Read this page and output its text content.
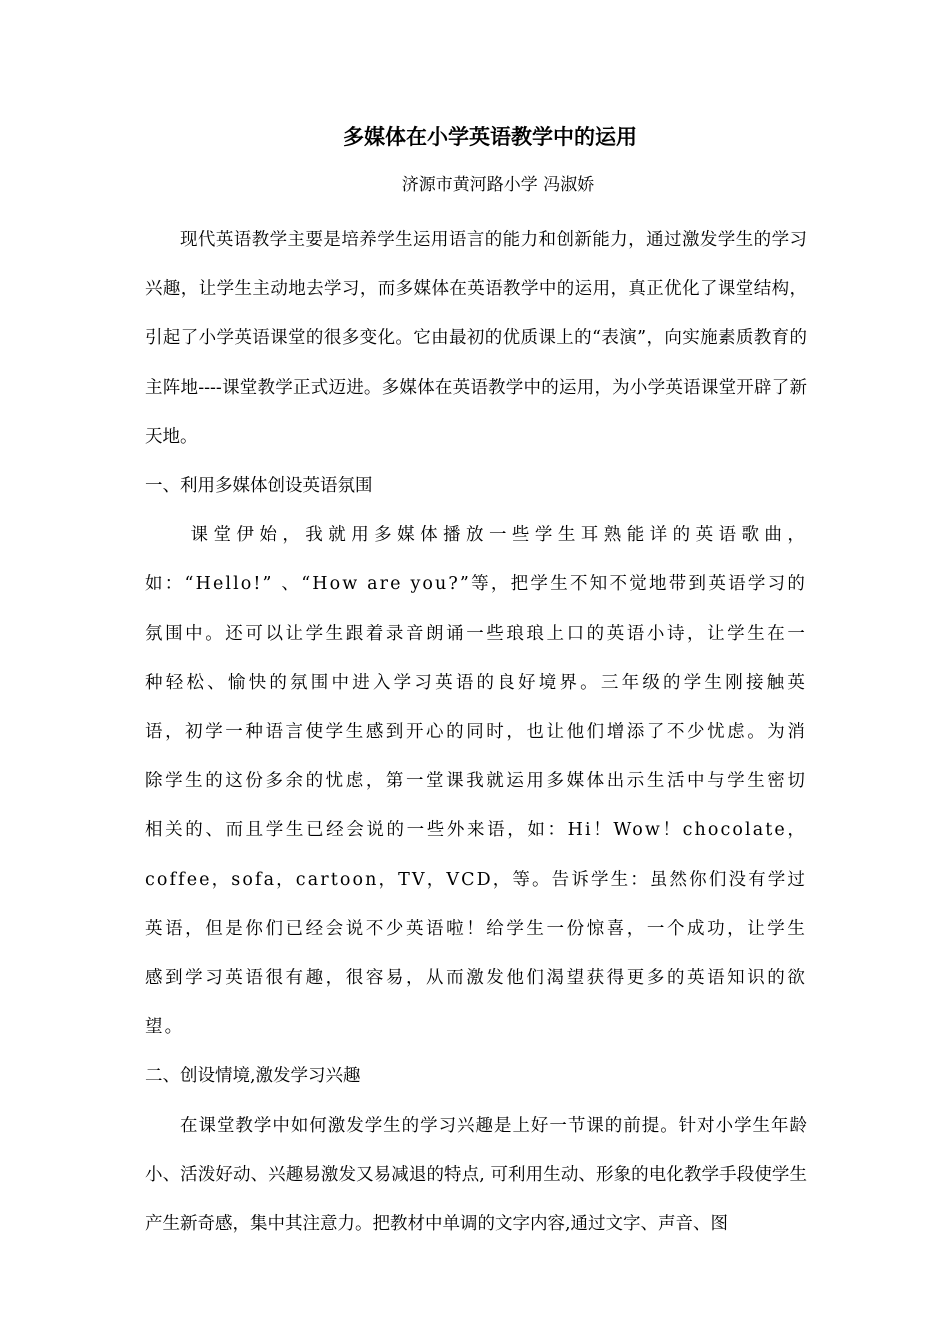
多媒体在小学英语教学中的运用
济源市黄河路小学 冯淑娇

现代英语教学主要是培养学生运用语言的能力和创新能力，通过激发学生的学习兴趣，让学生主动地去学习，而多媒体在英语教学中的运用，真正优化了课堂结构，引起了小学英语课堂的很多变化。它由最初的优质课上的“表演”，向实施素质教育的主阵地----课堂教学正式迈进。多媒体在英语教学中的运用，为小学英语课堂开辟了新天地。

一、利用多媒体创设英语氛围

课堂伊始，我就用多媒体播放一些学生耳熟能详的英语歌曲，如：“Hello!” 、“How are you?”等，把学生不知不觉地带到英语学习的氛围中。还可以让学生跟着录音朗诵一些琅琅上口的英语小诗，让学生在一种轻松、愉快的氛围中进入学习英语的良好境界。三年级的学生刚接触英语，初学一种语言使学生感到开心的同时，也让他们增添了不少忧虑。为消除学生的这份多余的忧虑，第一堂课我就运用多媒体出示生活中与学生密切相关的、而且学生已经会说的一些外来语，如：Hi！Wow！chocolate，coffee，sofa，cartoon，TV，VCD，等。告诉学生：虽然你们没有学过英语，但是你们已经会说不少英语啦！给学生一份惊喜，一个成功，让学生感到学习英语很有趣，很容易，从而激发他们渴望获得更多的英语知识的欲望。

二、创设情境,激发学习兴趣

在课堂教学中如何激发学生的学习兴趣是上好一节课的前提。针对小学生年龄小、活泼好动、兴趣易激发又易减退的特点, 可利用生动、形象的电化教学手段使学生产生新奇感，集中其注意力。把教材中单调的文字内容,通过文字、声音、图
